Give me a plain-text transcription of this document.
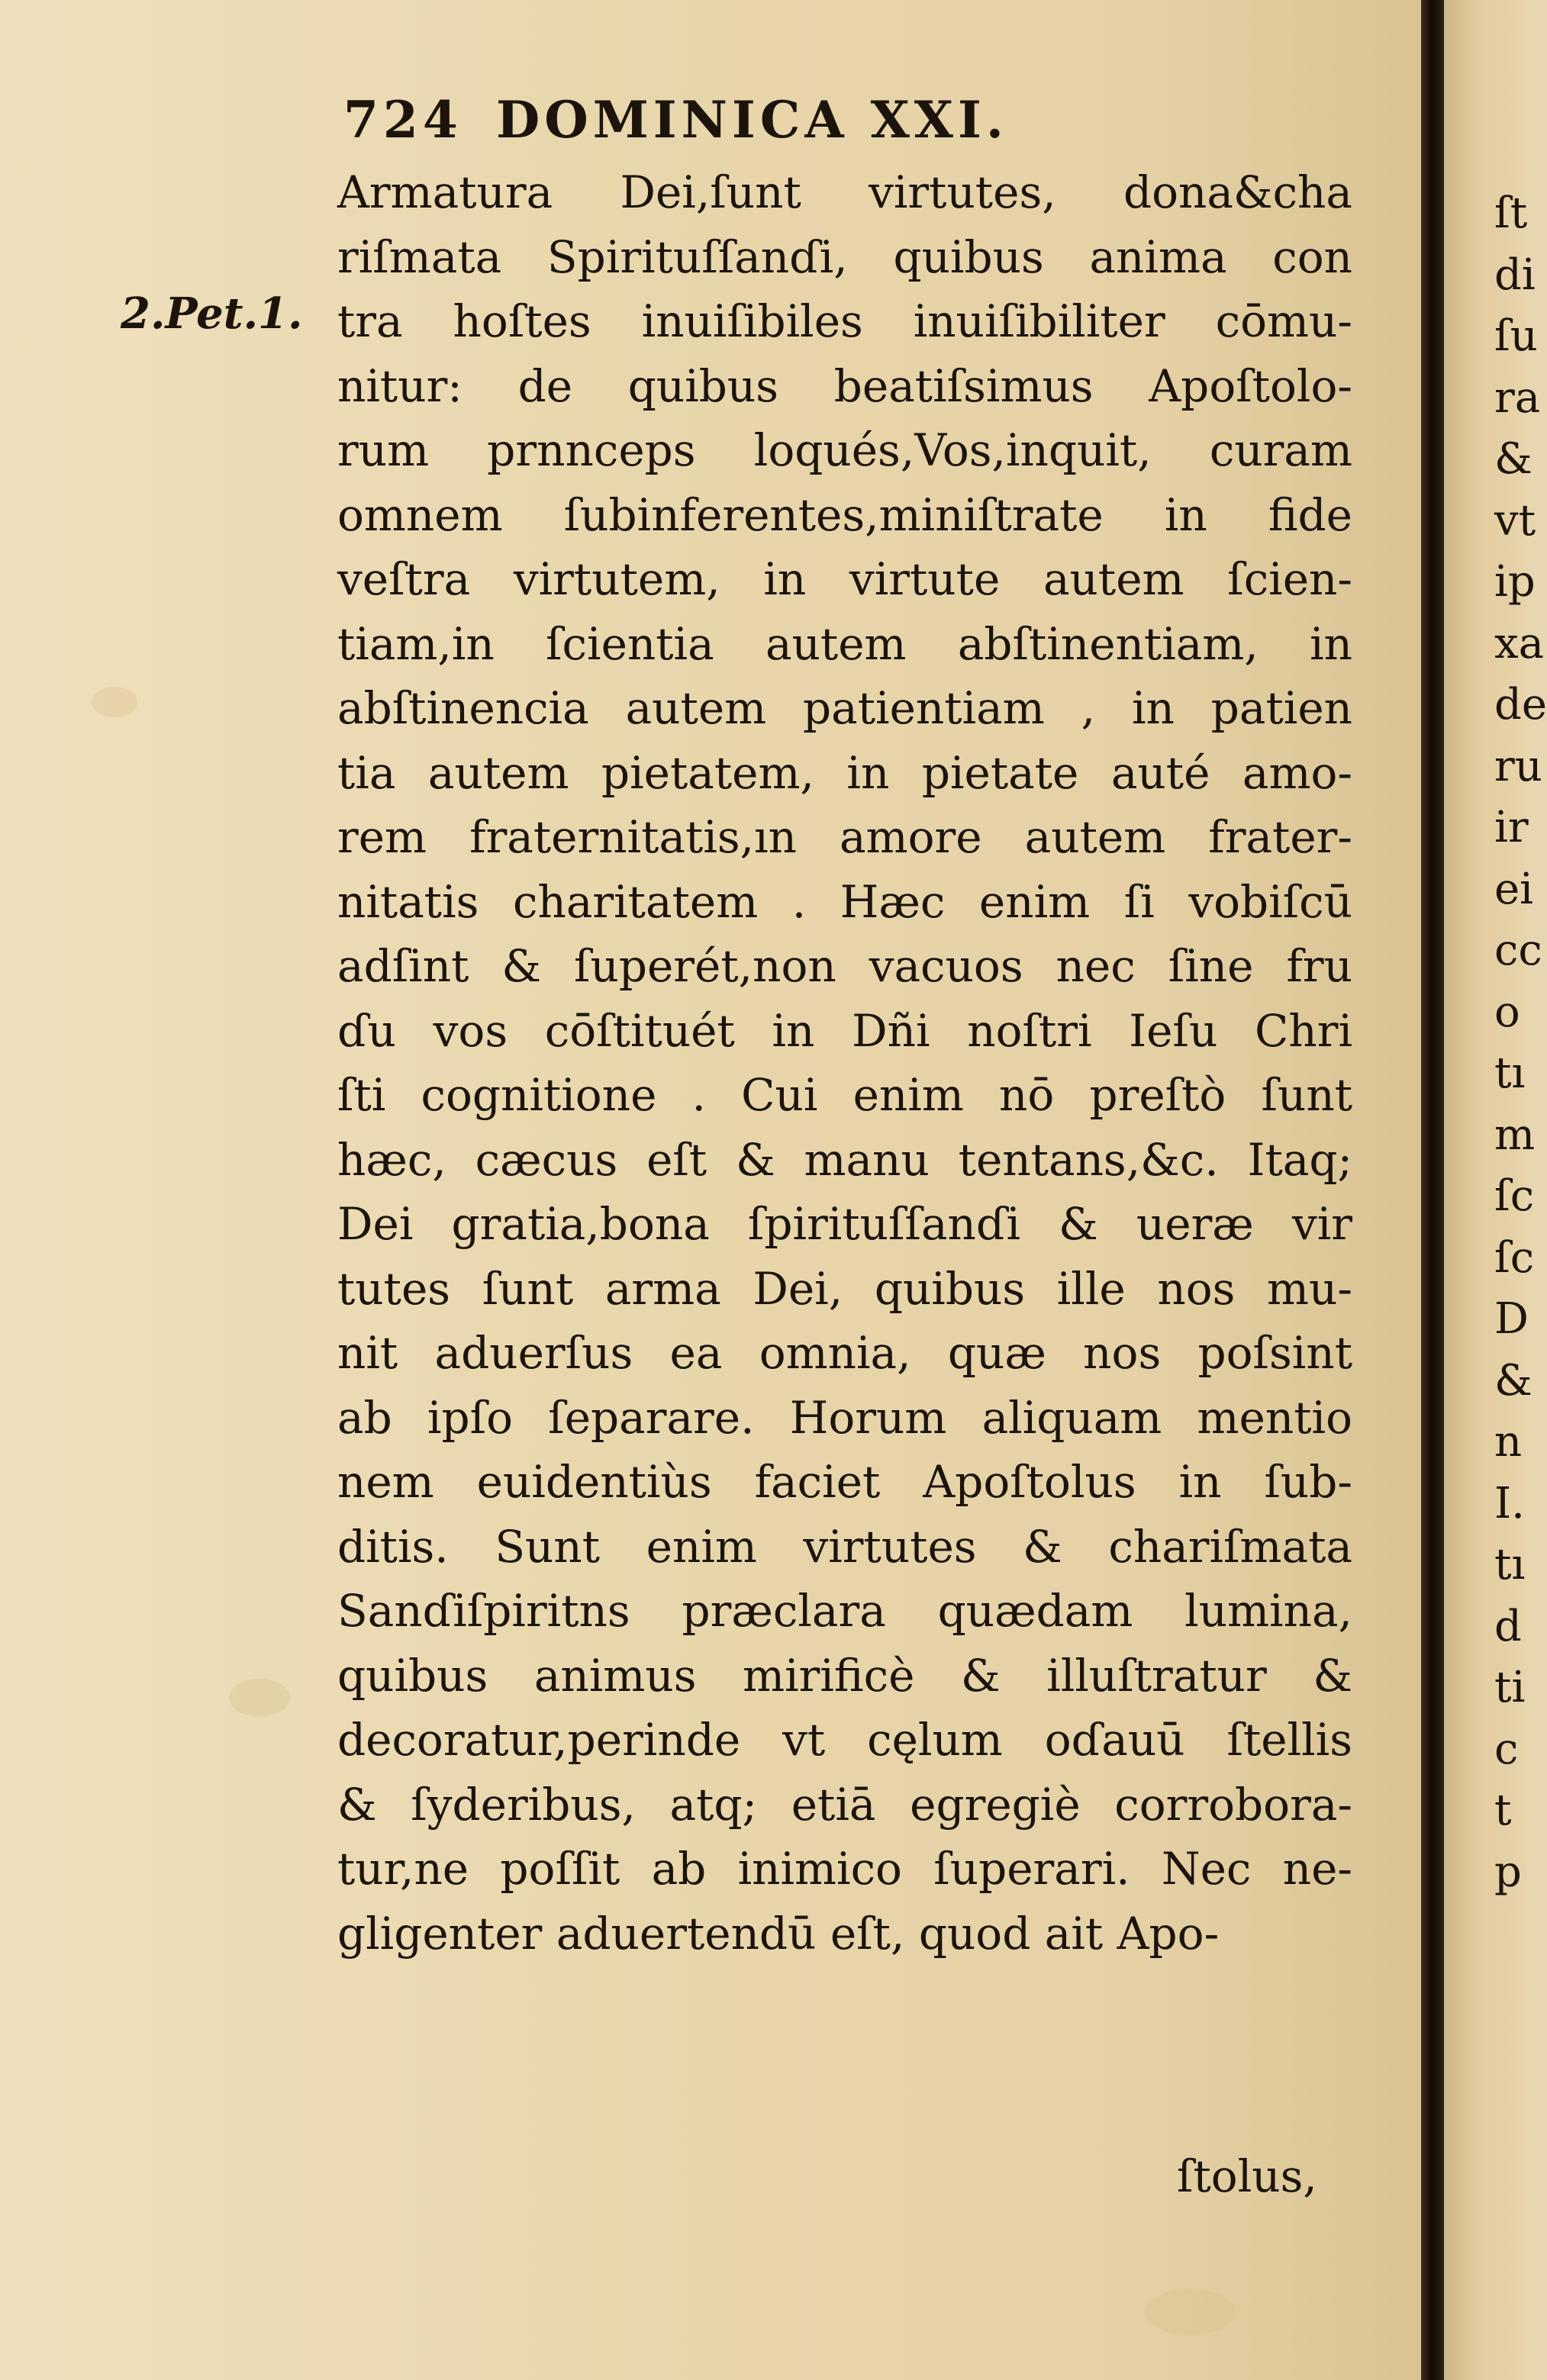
724 DOMINICA XXI.
2.Pet.1.
Armatura Dei,ſunt virtutes, dona&cha
riſmata Spirituſſanɗi, quibus anima con
tra hoſtes inuiſibiles inuiſibiliter cōmu-
nitur: de quibus beatiſsimus Apoſtolo-
rum prnnceps loqués,Vos,inquit, curam
omnem ſubinferentes,miniſtrate in fide
veſtra virtutem, in virtute autem ſcien-
tiam,in ſcientia autem abſtinentiam, in
abſtinencia autem patientiam , in patien
tia autem pietatem, in pietate auté amo-
rem fraternitatis,ın amore autem frater-
nitatis charitatem . Hæc enim ſi vobiſcū
adſint & ſuperét,non vacuos nec ſine fru
ɗu vos cōſtituét in Dñi noſtri Ieſu Chri
ſti cognitione . Cui enim nō preſtò ſunt
hæc, cæcus eſt & manu tentans,&c. Itaq;
Dei gratia,bona ſpirituſſanɗi & ueræ vir
tutes ſunt arma Dei, quibus ille nos mu-
nit aduerſus ea omnia, quæ nos poſsint
ab ipſo ſeparare. Horum aliquam mentio
nem euidentiùs faciet Apoſtolus in ſub-
ditis. Sunt enim virtutes & chariſmata
Sanɗiſpiritns præclara quædam lumina,
quibus animus mirificè & illuſtratur &
decoratur,perinde vt cęlum oɗauū ſtellis
& ſyderibus, atq; etiā egregiè corrobora-
tur,ne poſſit ab inimico ſuperari. Nec ne-
gligenter aduertendū eſt, quod ait Apo-
ſtolus,
ſt
di
ſu
ra
&
vt
ip
xa
de
ru
ir
ei
cc
o
tı
m
ſc
ſc
D
&
n
I.
tı
d
ti
c
t
p
